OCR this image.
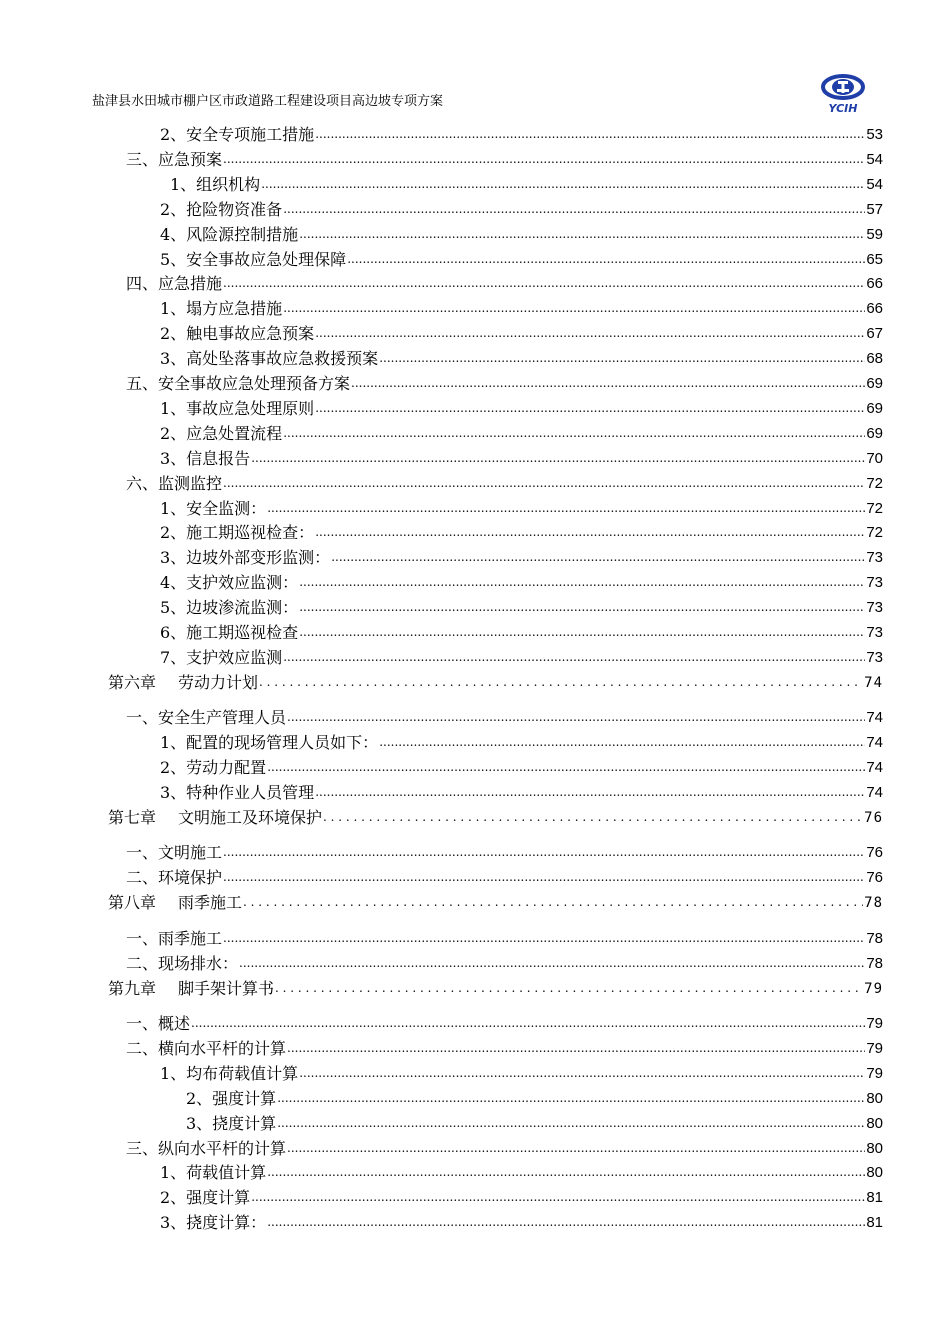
盐津县水田城市棚户区市政道路工程建设项目高边坡专项方案	YCIH
2、安全专项施工措施 .....	53
三、应急预案 .....	54
1、组织机构 .....	54
2、抢险物资准备 .....	57
4、风险源控制措施 .....	59
5、安全事故应急处理保障 .....	65
四、应急措施 .....	66
1、塌方应急措施 .....	66
2、触电事故应急预案 .....	67
3、高处坠落事故应急救援预案 .....	68
五、安全事故应急处理预备方案 .....	69
1、事故应急处理原则 .....	69
2、应急处置流程 .....	69
3、信息报告 .....	70
六、监测监控 .....	72
1、安全监测： .....	72
2、施工期巡视检查： .....	72
3、边坡外部变形监测： .....	73
4、支护效应监测： .....	73
5、边坡渗流监测： .....	73
6、施工期巡视检查 .....	73
7、支护效应监测 .....	73
第六章 劳动力计划 . . .	74
一、安全生产管理人员 .....	74
1、配置的现场管理人员如下： .....	74
2、劳动力配置 .....	74
3、特种作业人员管理 .....	74
第七章 文明施工及环境保护 . . .	76
一、文明施工 .....	76
二、环境保护 .....	76
第八章 雨季施工 . . .	78
一、雨季施工 .....	78
二、现场排水： .....	78
第九章 脚手架计算书 . . .	79
一、概述 .....	79
二、横向水平杆的计算 .....	79
1、均布荷载值计算 .....	79
2、强度计算 .....	80
3、挠度计算 .....	80
三、纵向水平杆的计算 .....	80
1、荷载值计算 .....	80
2、强度计算 .....	81
3、挠度计算： .....	81
